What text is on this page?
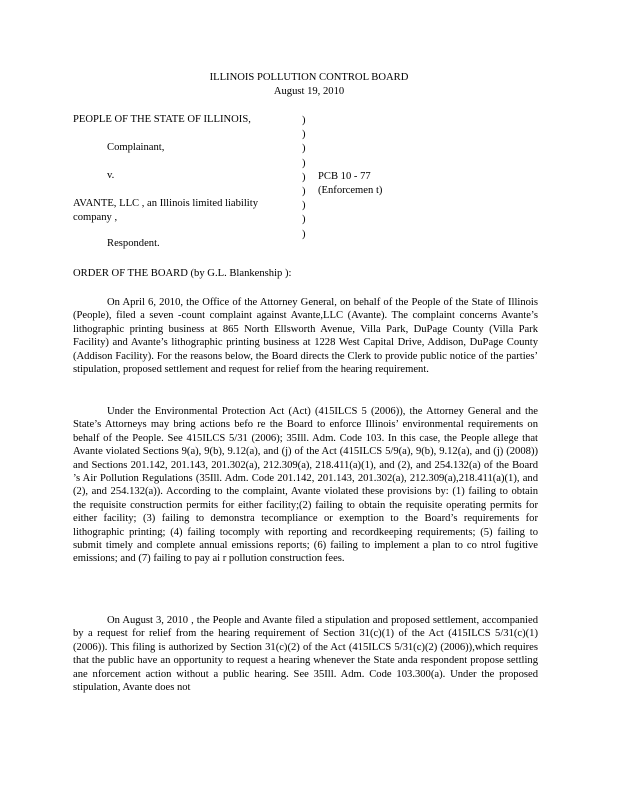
ILLINOIS POLLUTION CONTROL BOARD
August 19, 2010
PEOPLE OF THE STATE OF ILLINOIS,
Complainant,
v.
AVANTE, LLC , an Illinois limited liability
company ,
Respondent.
)
)
)
)
)
)
)
)
)
PCB 10 - 77
(Enforcemen t)
ORDER OF THE BOARD (by G.L. Blankenship ):

On April 6, 2010, the Office of the Attorney General, on behalf of the People of the State of Illinois (People), filed a seven -count complaint against Avante,LLC (Avante). The complaint concerns Avante’s lithographic printing business at 865 North Ellsworth Avenue, Villa Park, DuPage County (Villa Park Facility) and Avante’s lithographic printing business at 1228 West Capital Drive, Addison, DuPage County (Addison Facility). For the reasons below, the Board directs the Clerk to provide public notice of the parties’ stipulation, proposed settlement and request for relief from the hearing requirement.

Under the Environmental Protection Act (Act) (415ILCS 5 (2006)), the Attorney General and the State’s Attorneys may bring actions befo re the Board to enforce Illinois’ environmental requirements on behalf of the People. See 415ILCS 5/31 (2006); 35Ill. Adm. Code 103. In this case, the People allege that Avante violated Sections 9(a), 9(b), 9.12(a), and (j) of the Act (415ILCS 5/9(a), 9(b), 9.12(a), and (j) (2008)) and Sections 201.142, 201.143, 201.302(a), 212.309(a), 218.411(a)(1), and (2), and 254.132(a) of the Board ’s Air Pollution Regulations (35Ill. Adm. Code 201.142, 201.143, 201.302(a), 212.309(a),218.411(a)(1), and (2), and 254.132(a)). According to the complaint, Avante violated these provisions by: (1) failing to obtain the requisite construction permits for either facility;(2) failing to obtain the requisite operating permits for either facility; (3) failing to demonstra tecompliance or exemption to the Board’s requirements for lithographic printing; (4) failing tocomply with reporting and recordkeeping requirements; (5) failing to submit timely and complete annual emissions reports; (6) failing to implement a plan to co ntrol fugitive emissions; and (7) failing to pay ai r pollution construction fees.

On August 3, 2010 , the People and Avante filed a stipulation and proposed settlement, accompanied by a request for relief from the hearing requirement of Section 31(c)(1) of the Act (415ILCS 5/31(c)(1) (2006)). This filing is authorized by Section 31(c)(2) of the Act (415ILCS 5/31(c)(2) (2006)),which requires that the public have an opportunity to request a hearing whenever the State anda respondent propose settling ane nforcement action without a public hearing. See 35Ill. Adm. Code 103.300(a). Under the proposed stipulation, Avante does not
